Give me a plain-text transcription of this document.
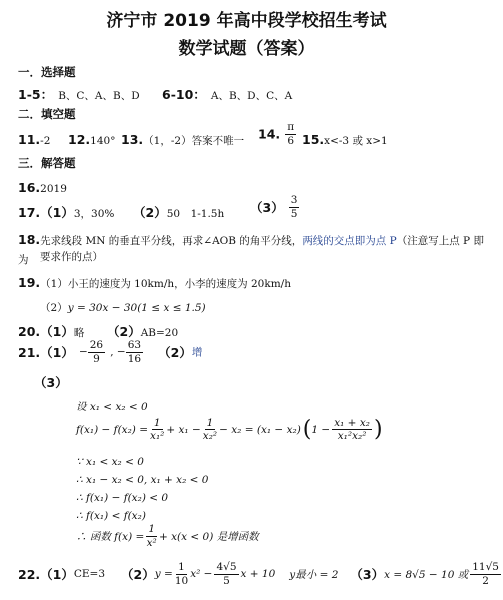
济宁市 2019 年高中段学校招生考试
数学试题（答案）
一．选择题
1-5： B、C、A、B、D 6-10： A、B、D、C、A
二．填空题
11.-2 12.140° 13.（1，-2）答案不唯一 14. $\frac{\pi}{6} 15.x<-3$ 或 x>1
三．解答题
16.2019
17.（1）3，30% （2）50　1-1.5h $(3) \frac{3}{5}$
18.先求线段 MN 的垂直平分线，再求∠AOB 的角平分线，两线的交点即为点 P（注意写上点 P 即为	要求作的点）
19.（1）小王的速度为 10km/h，小李的速度为 20km/h
（2）y = 30x − 30(1 ≤ x ≤ 1.5)
20.（1）略 （2）AB=20
$21.(1) - \frac{26}{9}$ , − $\frac{63}{16} (2)$增
（3）
设 x₁ < x₂ < 0
$f(x_1) - f(x_2) = \frac{1}{\text{x₁²}} + x_1 - \frac{1}{\text{x₂²}} - x_2 = (x_1 - x_2)$ ( $1 - \frac{\text{x₁ + x₂}}{\text{x₁²x₂²}}$ )
∵ x₁ < x₂ < 0
∴ x₁ − x₂ < 0, x₁ + x₂ < 0
∴ f(x₁) − f(x₂) < 0
∴ f(x₁) < f(x₂)
∴ 函数 $f(x) = \frac{1}{\text{x²}} + x(x < 0)$ 是增函数
22.（1） CE=3 （2） $y = \frac{1}{10} x^2 - \frac{4√5}{5}$ x + 10 y最小 = 2 （3） x = 8√5 − 10 或 $\frac{11√5}{2}$
